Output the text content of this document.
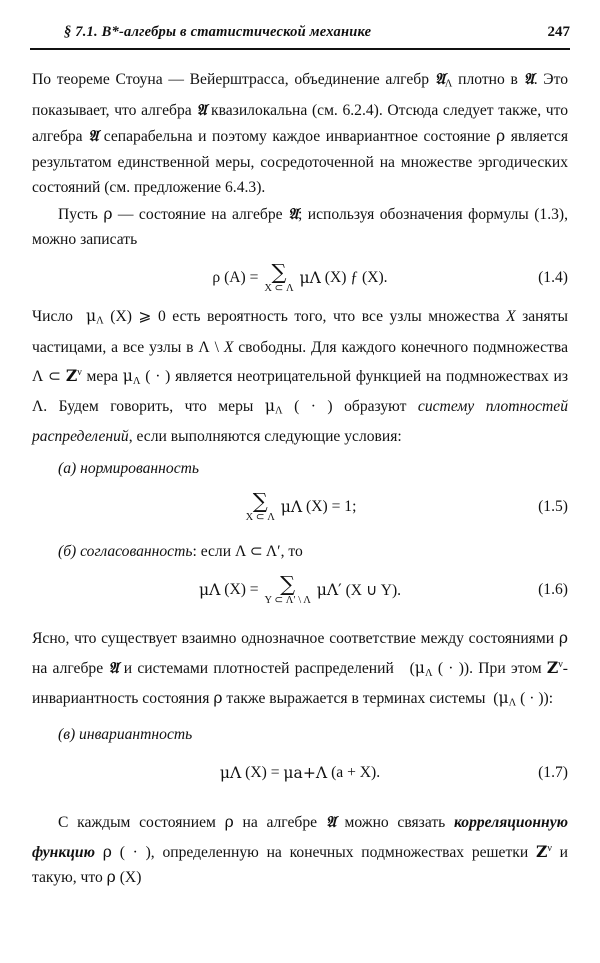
§ 7.1. B*-алгебры в статистической механике	247

По теореме Стоуна — Вейерштрасса, объединение алгебр 𝔄$_\Lambda$ плотно в 𝔄. Это показывает, что алгебра 𝔄 квазилокальна (см. 6.2.4). Отсюда следует также, что алгебра 𝔄 сепарабельна и поэтому каждое инвариантное состояние ρ является результатом единственной меры, сосредоточенной на множестве эргодических состояний (см. предложение 6.4.3).

Пусть ρ — состояние на алгебре 𝔄; используя обозначения формулы (1.3), можно записать

ρ (A) =
∑
X ⊂ Λ

μΛ
(X) ƒ (X).	(1.4)

Число  $\mu_\Lambda$ (X) ⩾ 0 есть вероятность того, что все узлы множества X заняты частицами, а все узлы в Λ \ X свободны. Для каждого конечного подмножества Λ ⊂ $Z^\nu$ мера $\mu_\Lambda$ ( · ) является неотрицательной функцией на подмножествах из Λ. Будем говорить, что меры $\mu_\Lambda$ ( · ) образуют систему плотностей распределений, если выполняются следующие условия:

(а) нормированность
∑
X ⊂ Λ

μΛ
(X) = 1;	(1.5)
(б) согласованность: если Λ ⊂ Λ′, то
μΛ
(X) =
∑
Y ⊂ Λ′ \ Λ

μΛ′
(X ∪ Y).	(1.6)

Ясно, что существует взаимно однозначное соответствие между состояниями ρ на алгебре 𝔄 и системами плотностей распределений   ($\mu_\Lambda$ ( · )). При этом $Z^\nu$-инвариантность состояния ρ также выражается в терминах системы  ($\mu_\Lambda$ ( · )):

(в) инвариантность
μΛ
(X) =
μa+Λ
(a + X).	(1.7)

С каждым состоянием ρ на алгебре 𝔄 можно связать корреляционную функцию ρ ( · ), определенную на конечных подмножествах решетки $Z^\nu$ и такую, что ρ (X)
